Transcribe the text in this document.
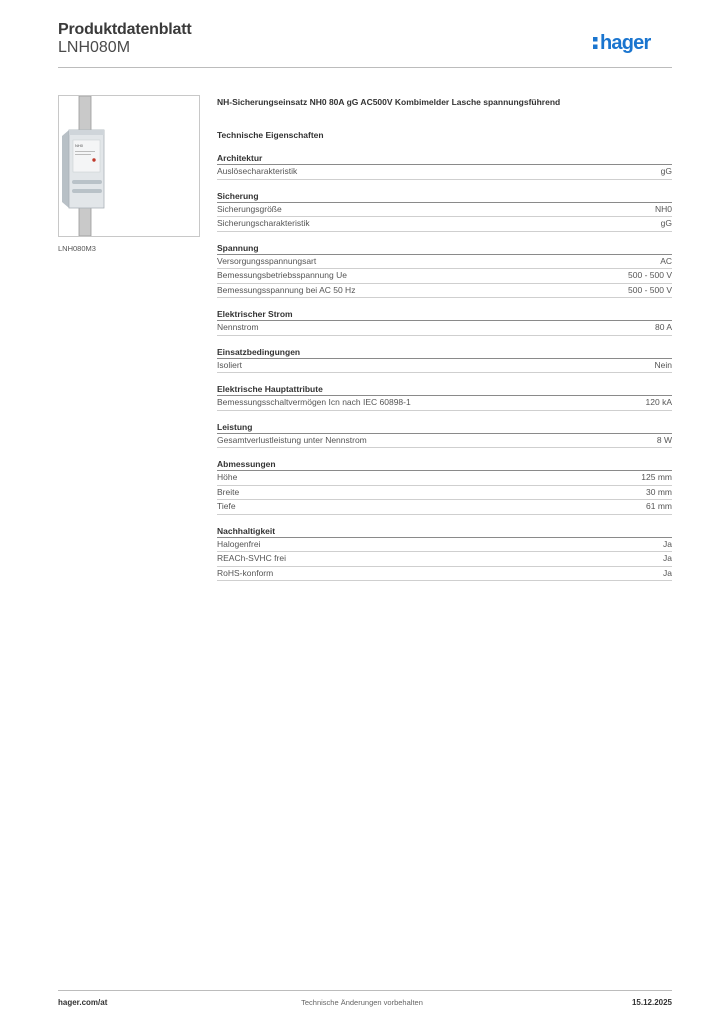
Produktdatenblatt
LNH080M	hager
NH0
LNH080M3
NH-Sicherungseinsatz NH0 80A gG AC500V Kombimelder Lasche spannungsführend
Technische Eigenschaften
Architektur
Auslösecharakteristik	gG
Sicherung
Sicherungsgröße	NH0
Sicherungscharakteristik	gG
Spannung
Versorgungsspannungsart	AC
Bemessungsbetriebsspannung Ue	500 - 500 V
Bemessungsspannung bei AC 50 Hz	500 - 500 V
Elektrischer Strom
Nennstrom	80 A
Einsatzbedingungen
Isoliert	Nein
Elektrische Hauptattribute
Bemessungsschaltvermögen Icn nach IEC 60898-1	120 kA
Leistung
Gesamtverlustleistung unter Nennstrom	8 W
Abmessungen
Höhe	125 mm
Breite	30 mm
Tiefe	61 mm
Nachhaltigkeit
Halogenfrei	Ja
REACh-SVHC frei	Ja
RoHS-konform	Ja
hager.com/at	Technische Änderungen vorbehalten	15.12.2025
